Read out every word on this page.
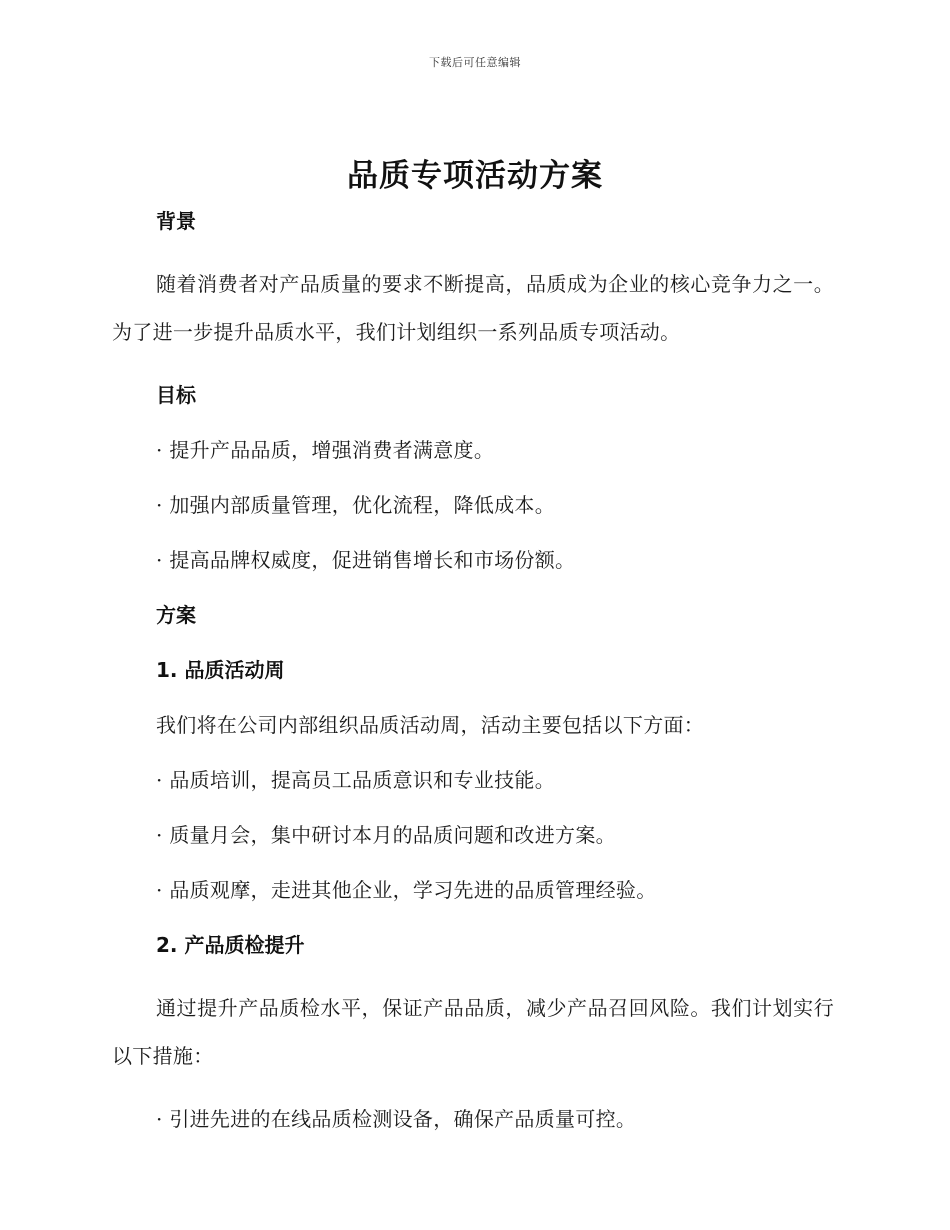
下载后可任意编辑
品质专项活动方案

背景

随着消费者对产品质量的要求不断提高，品质成为企业的核心竞争力之一。为了进一步提升品质水平，我们计划组织一系列品质专项活动。

目标

· 提升产品品质，增强消费者满意度。

· 加强内部质量管理，优化流程，降低成本。

· 提高品牌权威度，促进销售增长和市场份额。

方案

1. 品质活动周

我们将在公司内部组织品质活动周，活动主要包括以下方面：

· 品质培训，提高员工品质意识和专业技能。

· 质量月会，集中研讨本月的品质问题和改进方案。

· 品质观摩，走进其他企业，学习先进的品质管理经验。

2. 产品质检提升

通过提升产品质检水平，保证产品品质，减少产品召回风险。我们计划实行以下措施：

· 引进先进的在线品质检测设备，确保产品质量可控。
